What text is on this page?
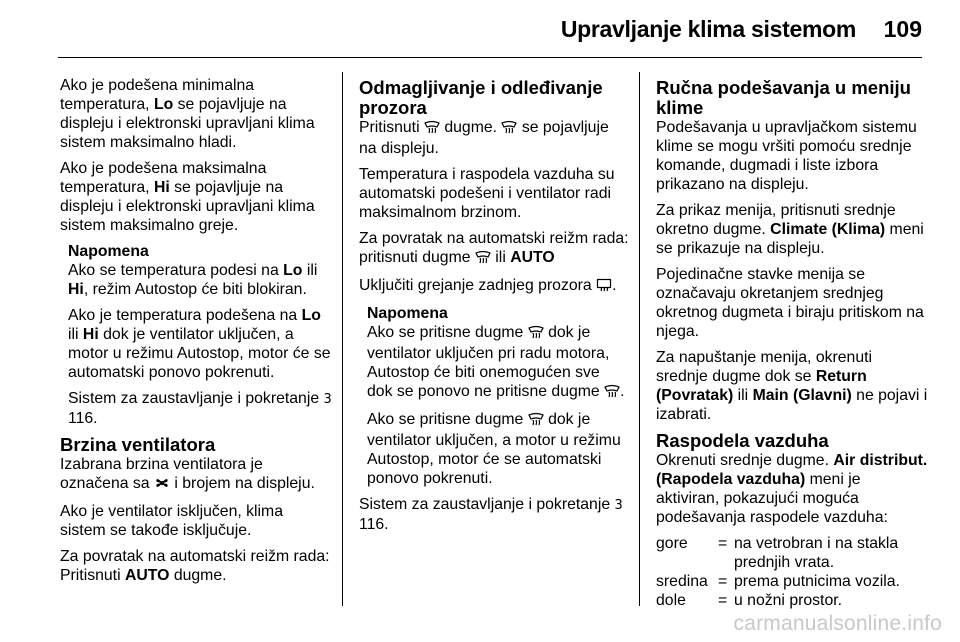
Upravljanje klima sistemom 109

Ako je podešena minimalna temperatura, Lo se pojavljuje na displeju i elektronski upravljani klima sistem maksimalno hladi.

Ako je podešena maksimalna temperatura, Hi se pojavljuje na displeju i elektronski upravljani klima sistem maksimalno greje.

Napomena

Ako se temperatura podesi na Lo ili Hi, režim Autostop će biti blokiran.

Ako je temperatura podešena na Lo ili Hi dok je ventilator uključen, a motor u režimu Autostop, motor će se automatski ponovo pokrenuti.

Sistem za zaustavljanje i pokretanje 3 116.

Brzina ventilatora

Izabrana brzina ventilatora je označena sa  i brojem na displeju.

Ako je ventilator isključen, klima sistem se takođe isključuje.

Za povratak na automatski reižm rada: Pritisnuti AUTO dugme.

Odmagljivanje i odleđivanje prozora

Pritisnuti  dugme.  se pojavljuje na displeju.

Temperatura i raspodela vazduha su automatski podešeni i ventilator radi maksimalnom brzinom.

Za povratak na automatski reižm rada: pritisnuti dugme  ili AUTO

Uključiti grejanje zadnjeg prozora .

Napomena

Ako se pritisne dugme  dok je ventilator uključen pri radu motora, Autostop će biti onemogućen sve dok se ponovo ne pritisne dugme .

Ako se pritisne dugme  dok je ventilator uključen, a motor u režimu Autostop, motor će se automatski ponovo pokrenuti.

Sistem za zaustavljanje i pokretanje 3 116.

Ručna podešavanja u meniju klime

Podešavanja u upravljačkom sistemu klime se mogu vršiti pomoću srednje komande, dugmadi i liste izbora prikazano na displeju.

Za prikaz menija, pritisnuti srednje okretno dugme. Climate (Klima) meni se prikazuje na displeju.

Pojedinačne stavke menija se označavaju okretanjem srednjeg okretnog dugmeta i biraju pritiskom na njega.

Za napuštanje menija, okrenuti srednje dugme dok se Return (Povratak) ili Main (Glavni) ne pojavi i izabrati.

Raspodela vazduha

Okrenuti srednje dugme. Air distribut. (Rapodela vazduha) meni je aktiviran, pokazujući moguća podešavanja raspodele vazduha:

gore	= na vetrobran i na stakla prednjih vrata.
sredina = prema putnicima vozila.
dole	= u nožni prostor.
carmanualsonline.info
